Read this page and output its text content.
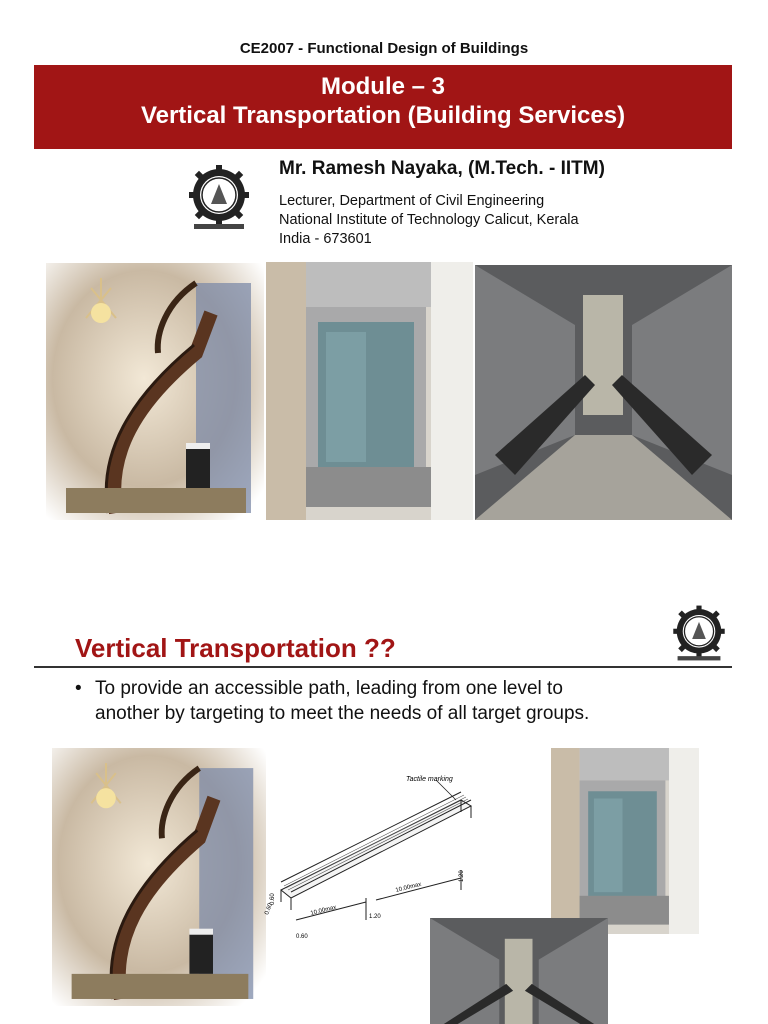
CE2007 - Functional Design of Buildings
Module – 3
Vertical Transportation (Building Services)
Mr. Ramesh Nayaka, (M.Tech. - IITM)
Lecturer, Department of Civil Engineering
National Institute of Technology Calicut, Kerala
India - 673601
Vertical Transportation ??
• To provide an accessible path, leading from one level to
another by targeting to meet the needs of all target groups.
Tactile marking
10.00max
10.00max
1.20
1.20
0.60
0.60
0.60
